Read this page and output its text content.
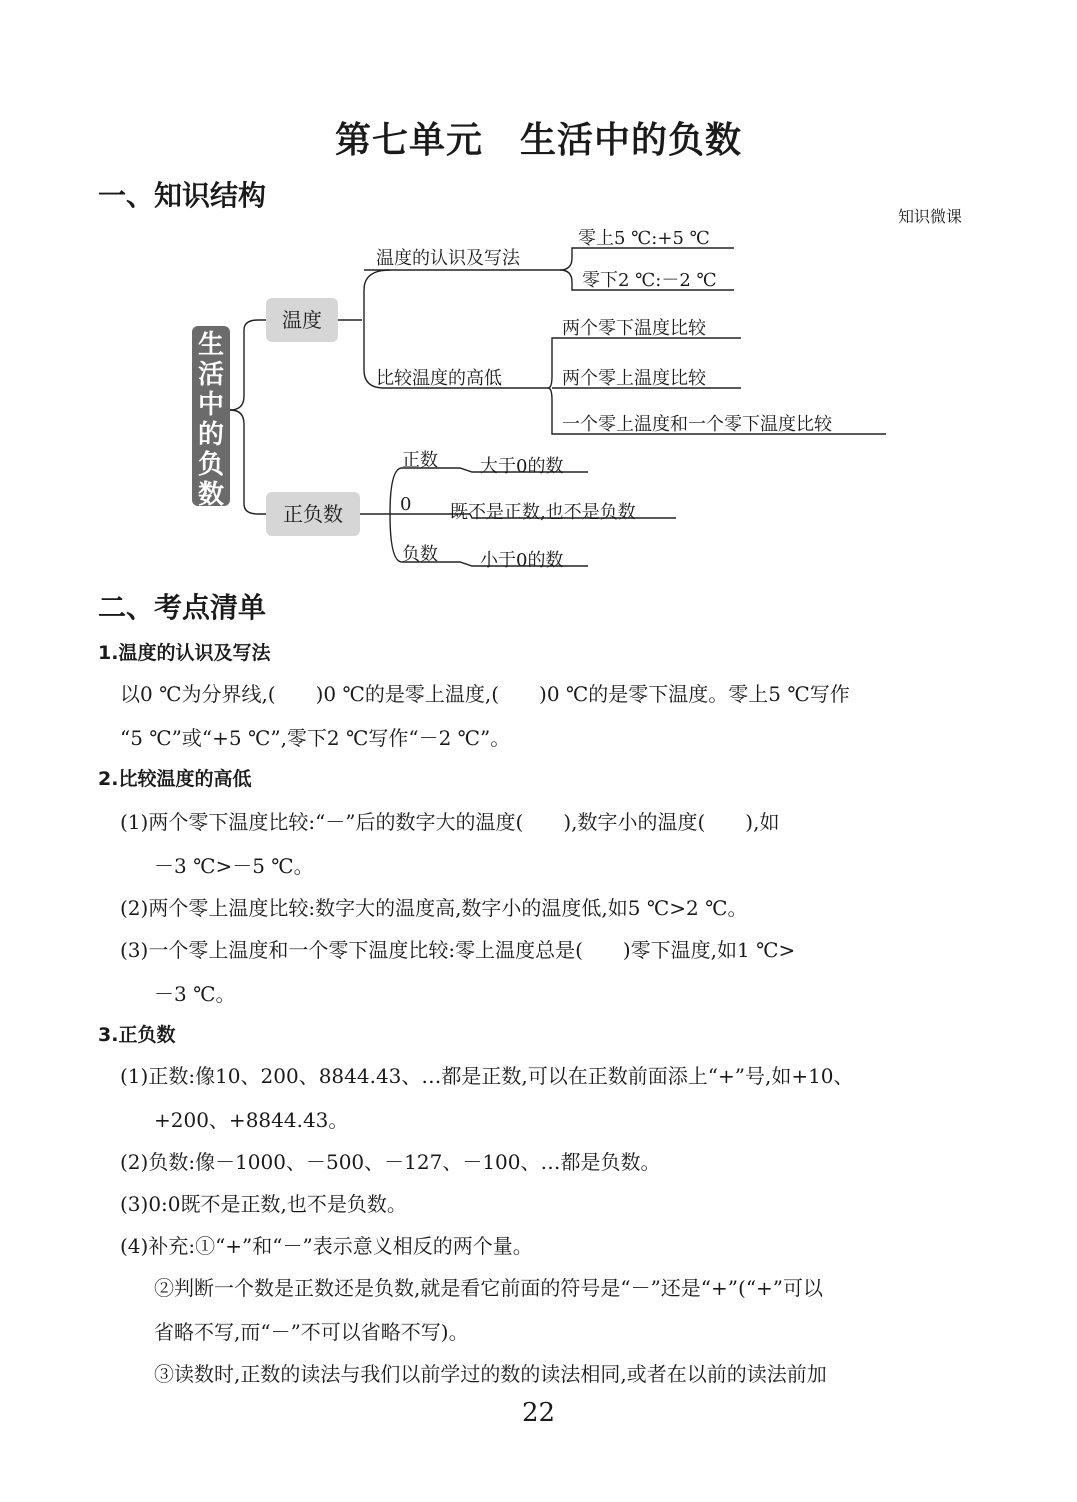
第七单元　生活中的负数
一、知识结构
知识微课
生
活
中
的
负
数
温度
正负数
温度的认识及写法
零上5 ℃:+5 ℃
零下2 ℃:－2 ℃
比较温度的高低
两个零下温度比较
两个零上温度比较
一个零上温度和一个零下温度比较
正数 大于0的数
0 既不是正数,也不是负数
负数 小于0的数
二、考点清单
1.温度的认识及写法
以0 ℃为分界线,(　　)0 ℃的是零上温度,(　　)0 ℃的是零下温度。零上5 ℃写作
“5 ℃”或“+5 ℃”,零下2 ℃写作“－2 ℃”。
2.比较温度的高低
(1)两个零下温度比较:“－”后的数字大的温度(　　),数字小的温度(　　),如
－3 ℃>－5 ℃。
(2)两个零上温度比较:数字大的温度高,数字小的温度低,如5 ℃>2 ℃。
(3)一个零上温度和一个零下温度比较:零上温度总是(　　)零下温度,如1 ℃>
－3 ℃。
3.正负数
(1)正数:像10、200、8844.43、…都是正数,可以在正数前面添上“+”号,如+10、
+200、+8844.43。
(2)负数:像－1000、－500、－127、－100、…都是负数。
(3)0:0既不是正数,也不是负数。
(4)补充:①“+”和“－”表示意义相反的两个量。
②判断一个数是正数还是负数,就是看它前面的符号是“－”还是“+”(“+”可以
省略不写,而“－”不可以省略不写)。
③读数时,正数的读法与我们以前学过的数的读法相同,或者在以前的读法前加
22
